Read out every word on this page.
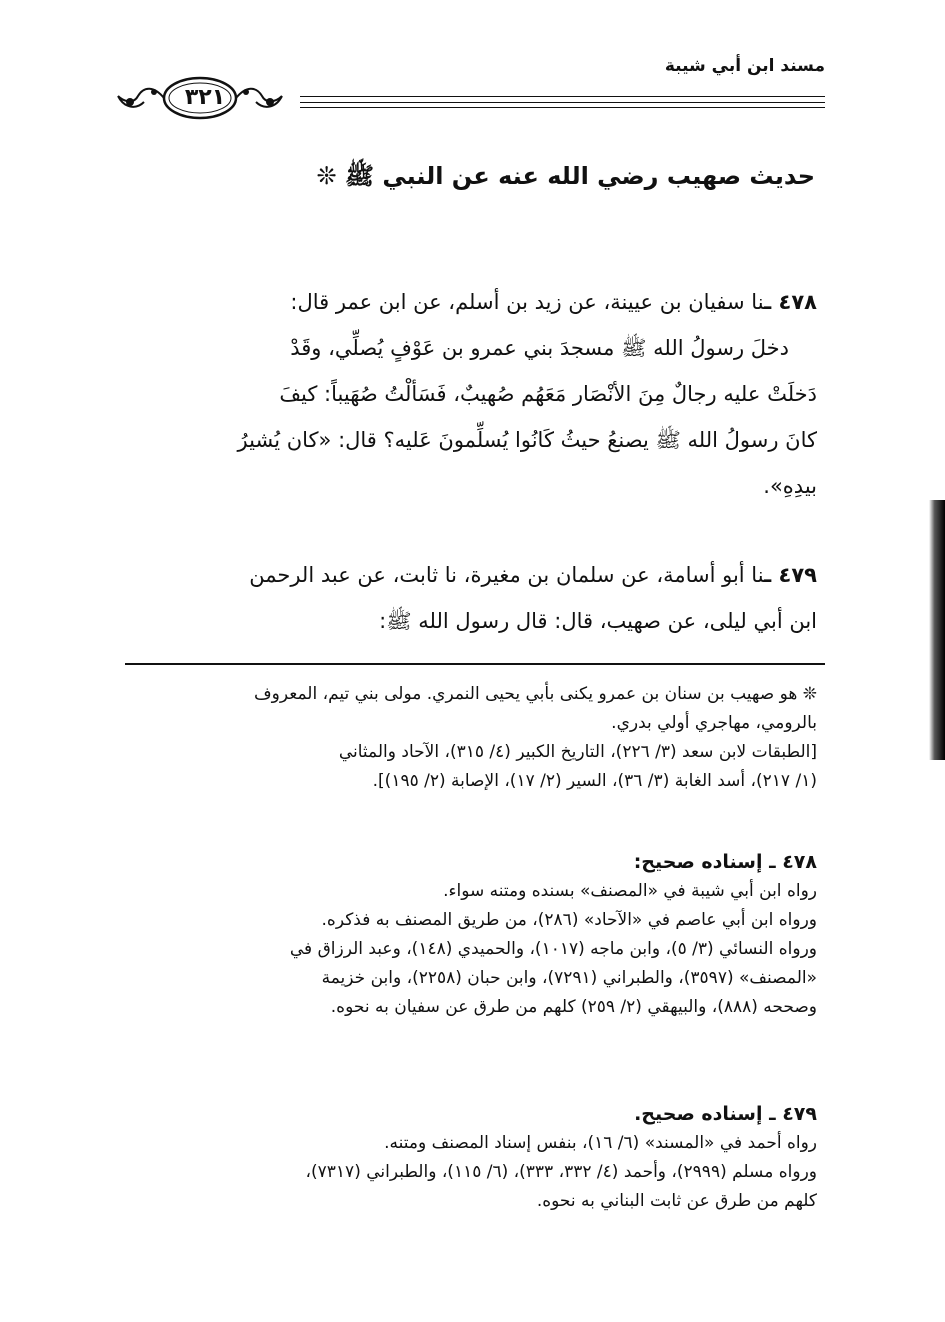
مسند ابن أبي شيبة
٣٢١
حديث صهيب رضي الله عنه عن النبي ﷺ ❊

٤٧٨ ـنا سفيان بن عيينة، عن زيد بن أسلم، عن ابن عمر قال:

دخلَ رسولُ الله ﷺ مسجدَ بني عمرو بن عَوْفٍ يُصلِّي، وقَدْ

دَخلَتْ عليه رجالٌ مِنَ الأنْصَار مَعَهُم صُهيبٌ، فَسَألْتُ صُهَيباً: كيفَ

كانَ رسولُ الله ﷺ يصنعُ حيثُ كَانُوا يُسلِّمونَ عَليه؟ قال: «كان يُشيرُ

بيدِهِ».

٤٧٩ ـنا أبو أسامة، عن سلمان بن مغيرة، نا ثابت، عن عبد الرحمن

ابن أبي ليلى، عن صهيب، قال: قال رسول الله ﷺ:

❊ هو صهيب بن سنان بن عمرو يكنى بأبي يحيى النمري. مولى بني تيم، المعروف

بالرومي، مهاجري أولي بدري.

[الطبقات لابن سعد (٣/ ٢٢٦)، التاريخ الكبير (٤/ ٣١٥)، الآحاد والمثاني

(١/ ٢١٧)، أسد الغابة (٣/ ٣٦)، السير (٢/ ١٧)، الإصابة (٢/ ١٩٥)].

٤٧٨ ـ إسناده صحيح:

رواه ابن أبي شيبة في «المصنف» بسنده ومتنه سواء.

ورواه ابن أبي عاصم في «الآحاد» (٢٨٦)، من طريق المصنف به فذكره.

ورواه النسائي (٣/ ٥)، وابن ماجه (١٠١٧)، والحميدي (١٤٨)، وعبد الرزاق في

«المصنف» (٣٥٩٧)، والطبراني (٧٢٩١)، وابن حبان (٢٢٥٨)، وابن خزيمة

وصححه (٨٨٨)، والبيهقي (٢/ ٢٥٩) كلهم من طرق عن سفيان به نحوه.

٤٧٩ ـ إسناده صحيح.

رواه أحمد في «المسند» (٦/ ١٦)، بنفس إسناد المصنف ومتنه.

ورواه مسلم (٢٩٩٩)، وأحمد (٤/ ٣٣٢، ٣٣٣)، (٦/ ١١٥)، والطبراني (٧٣١٧)،

كلهم من طرق عن ثابت البناني به نحوه.
